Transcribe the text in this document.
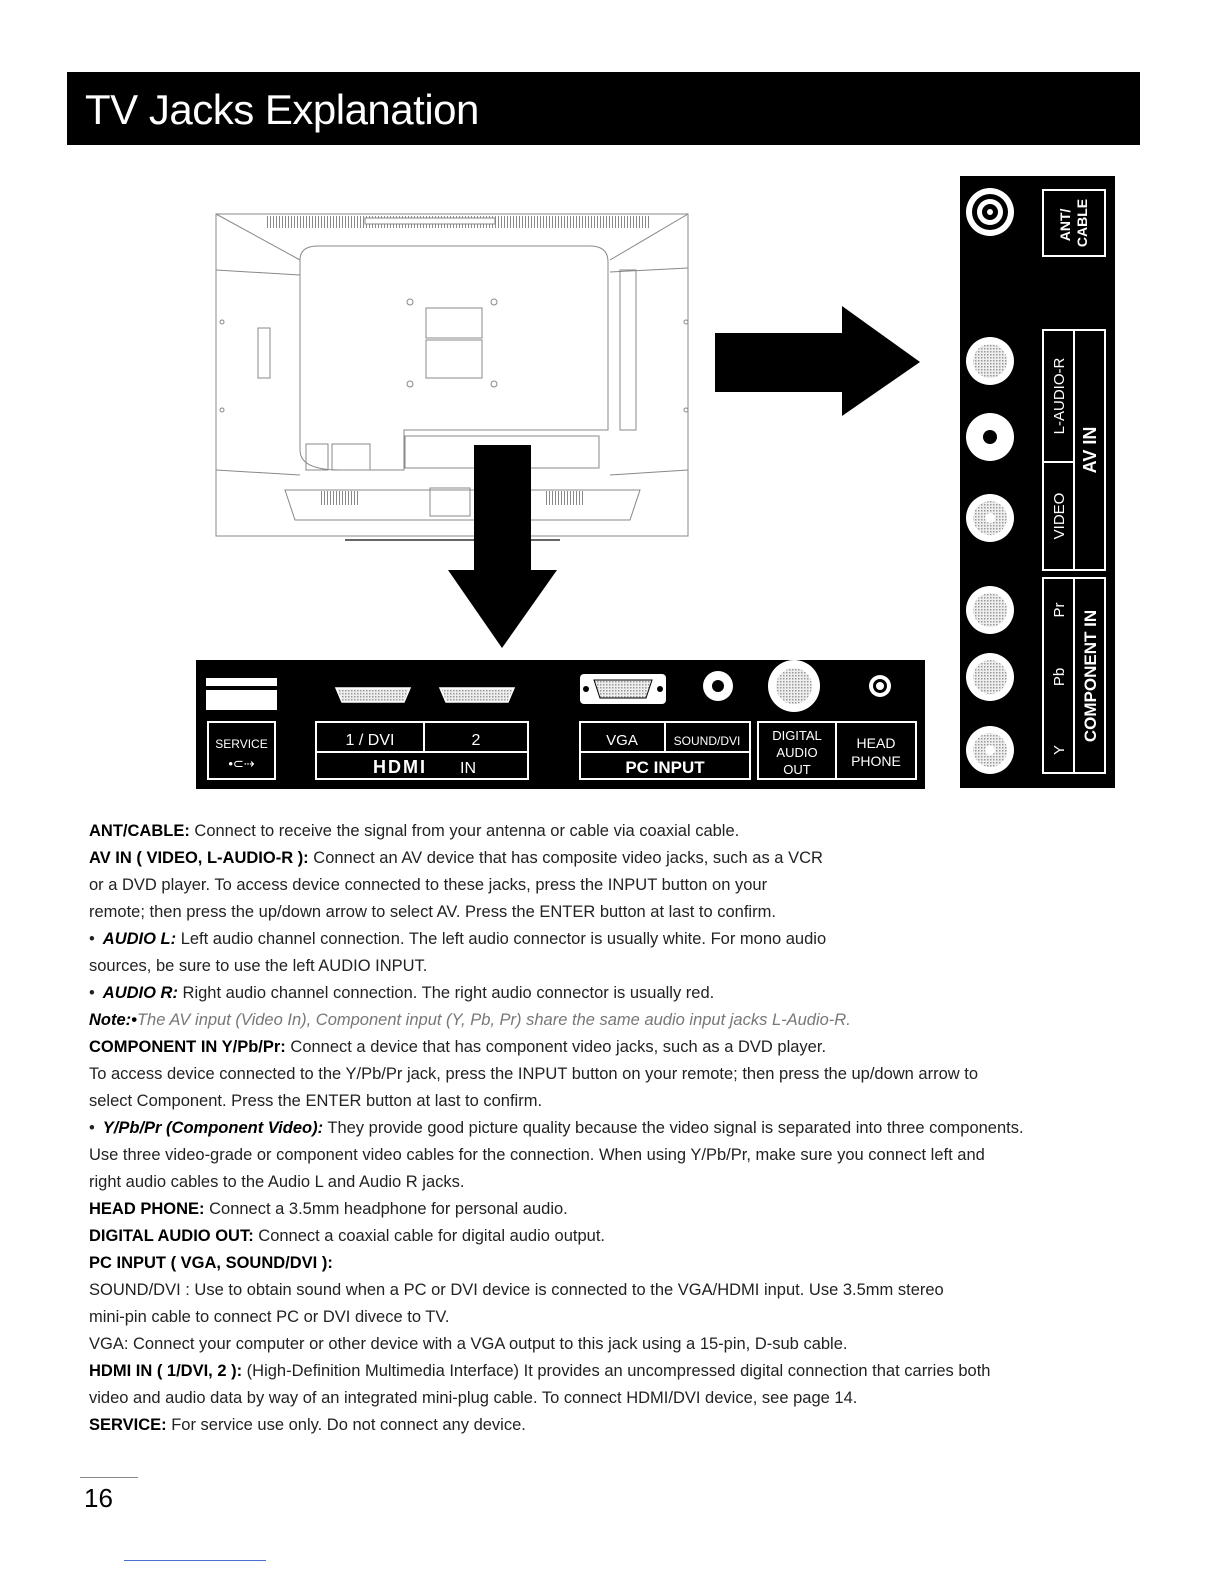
TV Jacks Explanation
SERVICE
•⊂⇢
1 / DVI	2
HDMI IN
VGA	SOUND/DVI
PC INPUT
DIGITAL
AUDIO
OUT
HEAD
PHONE
ANT/ CABLE
L-AUDIO-R
VIDEO
AV IN
Pr
Pb
Y
COMPONENT IN

ANT/CABLE: Connect to receive the signal from your antenna or cable via coaxial cable.

AV IN ( VIDEO, L-AUDIO-R ): Connect an AV device that has composite video jacks, such as a VCR

or a DVD player. To access device connected to these jacks, press the INPUT button on your

remote; then press the up/down arrow to select AV. Press the ENTER button at last to confirm.

• AUDIO L: Left audio channel connection. The left audio connector is usually white. For mono audio

sources, be sure to use the left AUDIO INPUT.

• AUDIO R: Right audio channel connection. The right audio connector is usually red.

Note:•The AV input (Video In), Component input (Y, Pb, Pr) share the same audio input jacks L-Audio-R.

COMPONENT IN Y/Pb/Pr: Connect a device that has component video jacks, such as a DVD player.

To access device connected to the Y/Pb/Pr jack, press the INPUT button on your remote; then press the up/down arrow to

select Component. Press the ENTER button at last to confirm.

• Y/Pb/Pr (Component Video): They provide good picture quality because the video signal is separated into three components.

Use three video-grade or component video cables for the connection. When using Y/Pb/Pr, make sure you connect left and

right audio cables to the Audio L and Audio R jacks.

HEAD PHONE: Connect a 3.5mm headphone for personal audio.

DIGITAL AUDIO OUT: Connect a coaxial cable for digital audio output.

PC INPUT ( VGA, SOUND/DVI ):

SOUND/DVI : Use to obtain sound when a PC or DVI device is connected to the VGA/HDMI input. Use 3.5mm stereo

mini-pin cable to connect PC or DVI divece to TV.

VGA: Connect your computer or other device with a VGA output to this jack using a 15-pin, D-sub cable.

HDMI IN ( 1/DVI, 2 ): (High-Definition Multimedia Interface) It provides an uncompressed digital connection that carries both

video and audio data by way of an integrated mini-plug cable. To connect HDMI/DVI device, see page 14.

SERVICE: For service use only. Do not connect any device.

16
